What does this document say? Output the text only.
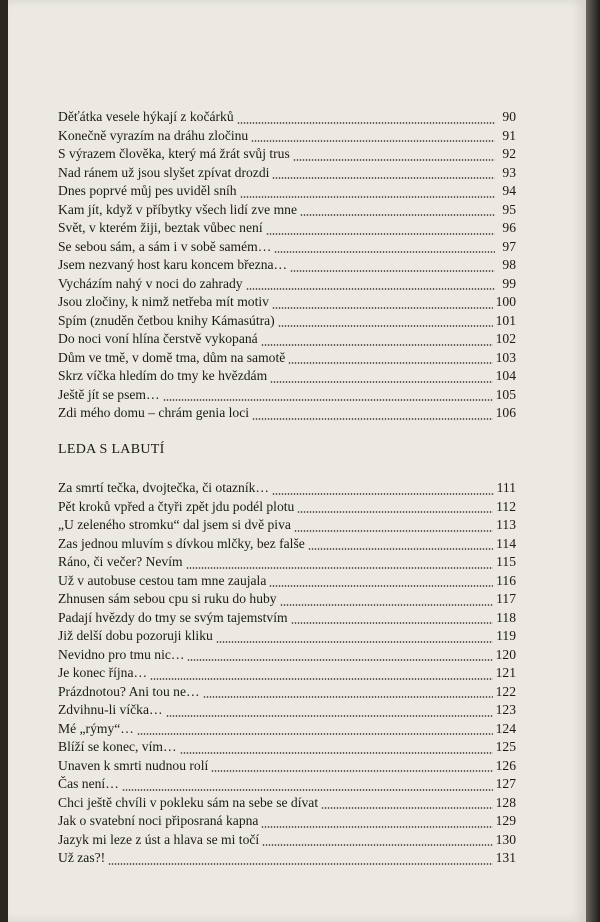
Děťátka vesele hýkají z kočárků	90
Konečně vyrazím na dráhu zločinu	91
S výrazem člověka, který má žrát svůj trus	92
Nad ránem už jsou slyšet zpívat drozdi	93
Dnes poprvé můj pes uviděl sníh	94
Kam jít, když v příbytky všech lidí zve mne	95
Svět, v kterém žiji, beztak vůbec není	96
Se sebou sám, a sám i v sobě samém…	97
Jsem nezvaný host karu koncem března…	98
Vycházím nahý v noci do zahrady	99
Jsou zločiny, k nimž netřeba mít motiv	100
Spím (znuděn četbou knihy Kámasútra)	101
Do noci voní hlína čerstvě vykopaná	102
Dům ve tmě, v domě tma, dům na samotě	103
Skrz víčka hledím do tmy ke hvězdám	104
Ještě jít se psem…	105
Zdi mého domu – chrám genia loci	106
LEDA S LABUTÍ
Za smrtí tečka, dvojtečka, či otazník…	111
Pět kroků vpřed a čtyři zpět jdu podél plotu	112
„U zeleného stromku“ dal jsem si dvě piva	113
Zas jednou mluvím s dívkou mlčky, bez falše	114
Ráno, či večer? Nevím	115
Už v autobuse cestou tam mne zaujala	116
Zhnusen sám sebou cpu si ruku do huby	117
Padají hvězdy do tmy se svým tajemstvím	118
Již delší dobu pozoruji kliku	119
Nevidno pro tmu nic…	120
Je konec října…	121
Prázdnotou? Ani tou ne…	122
Zdvihnu-li víčka…	123
Mé „rýmy“…	124
Blíží se konec, vím…	125
Unaven k smrti nudnou rolí	126
Čas není…	127
Chci ještě chvíli v pokleku sám na sebe se dívat	128
Jak o svatební noci připosraná kapna	129
Jazyk mi leze z úst a hlava se mi točí	130
Už zas?!	131
